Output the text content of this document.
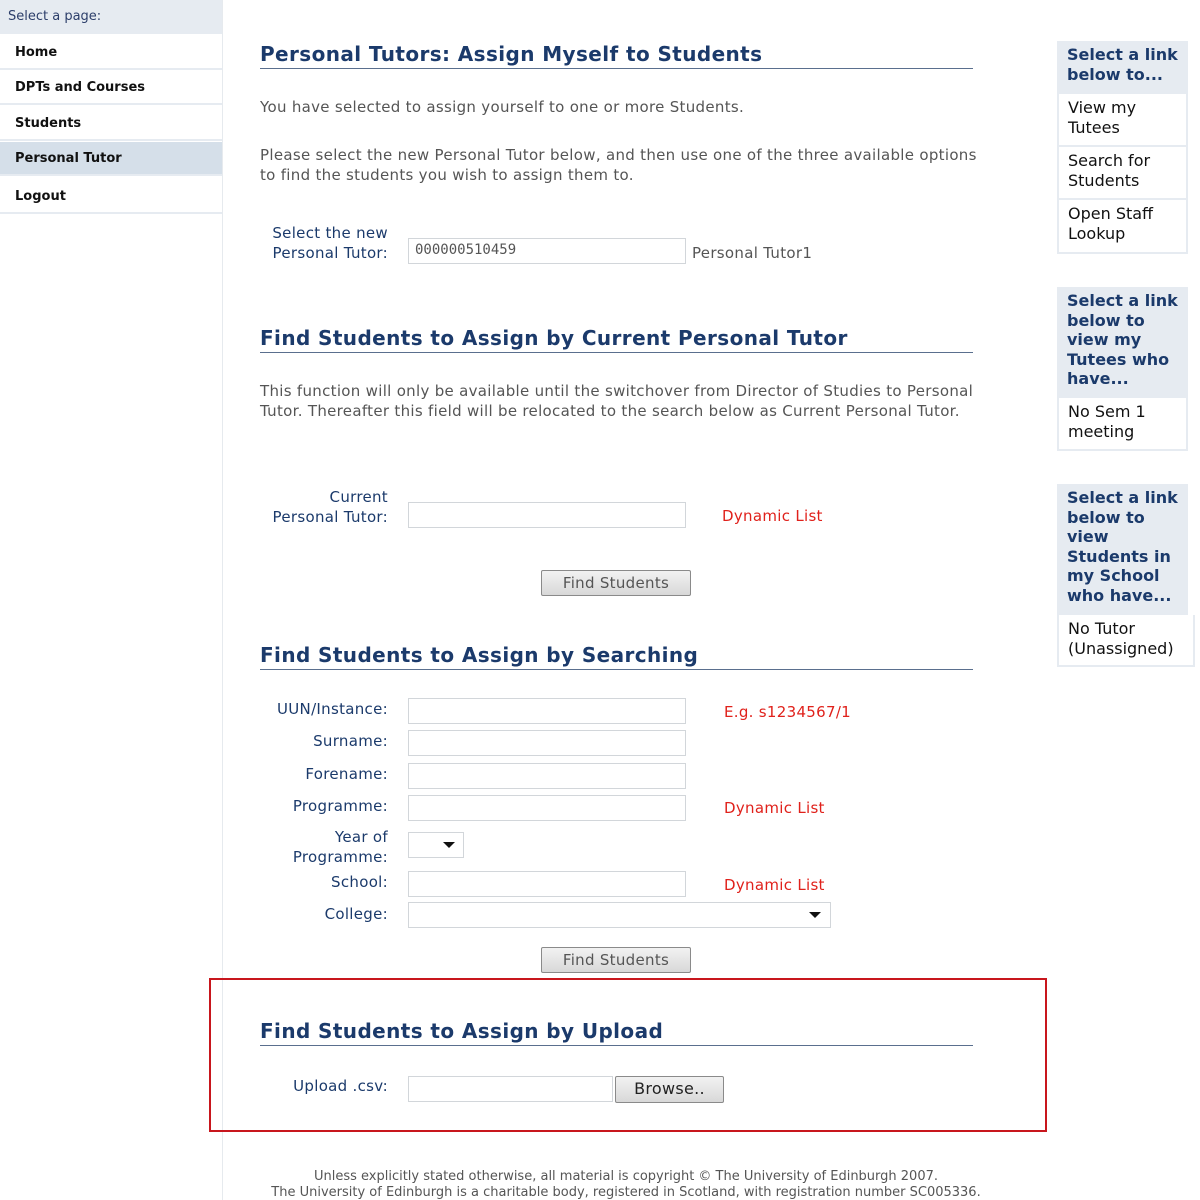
Select a page:
Home
DPTs and Courses
Students
Personal Tutor
Logout
Personal Tutors: Assign Myself to Students
You have selected to assign yourself to one or more Students.
Please select the new Personal Tutor below, and then use one of the three available options to find the students you wish to assign them to.
Select the new Personal Tutor:	000000510459	Personal Tutor1
Find Students to Assign by Current Personal Tutor
This function will only be available until the switchover from Director of Studies to Personal Tutor. Thereafter this field will be relocated to the search below as Current Personal Tutor.
Current Personal Tutor:	Dynamic List
Find Students
Find Students to Assign by Searching
UUN/Instance:	E.g. s1234567/1
Surname:
Forename:
Programme:	Dynamic List
Year of Programme:
School:	Dynamic List
College:
Find Students
Find Students to Assign by Upload
Upload .csv:	Browse..
Select a link below to...
View my Tutees
Search for Students
Open Staff Lookup
Select a link below to view my Tutees who have...
No Sem 1 meeting
Select a link below to view Students in my School who have...
No Tutor (Unassigned)
Unless explicitly stated otherwise, all material is copyright © The University of Edinburgh 2007.
The University of Edinburgh is a charitable body, registered in Scotland, with registration number SC005336.
